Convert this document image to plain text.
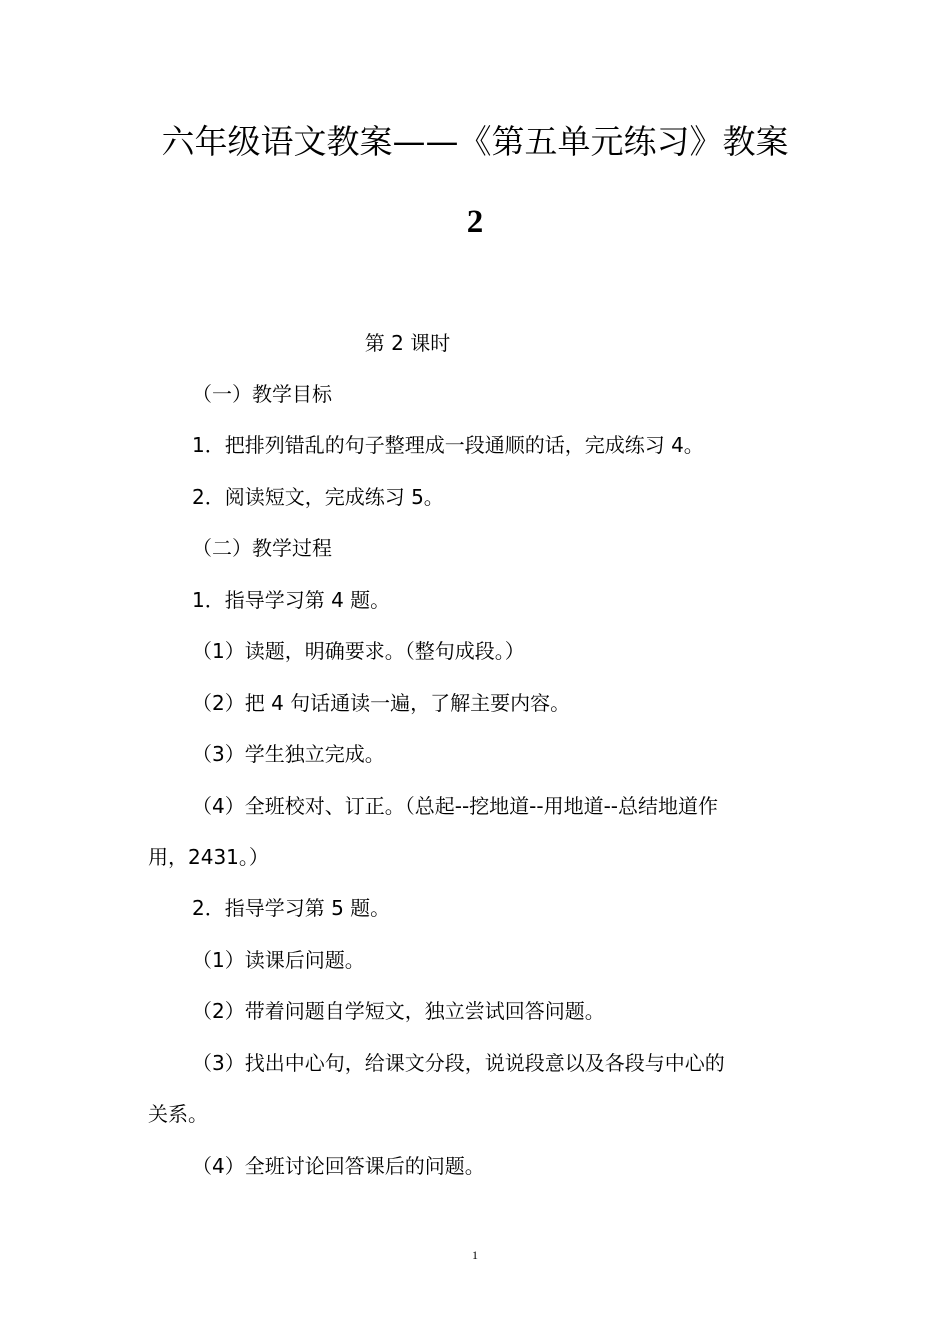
六年级语文教案——《第五单元练习》教案
2
第 2 课时
（一）教学目标
1．把排列错乱的句子整理成一段通顺的话，完成练习 4。
2．阅读短文，完成练习 5。
（二）教学过程
1．指导学习第 4 题。
（1）读题，明确要求。（整句成段。）
（2）把 4 句话通读一遍，了解主要内容。
（3）学生独立完成。
（4）全班校对、订正。（总起--挖地道--用地道--总结地道作
用，2431。）
2．指导学习第 5 题。
（1）读课后问题。
（2）带着问题自学短文，独立尝试回答问题。
（3）找出中心句，给课文分段，说说段意以及各段与中心的
关系。
（4）全班讨论回答课后的问题。
1
